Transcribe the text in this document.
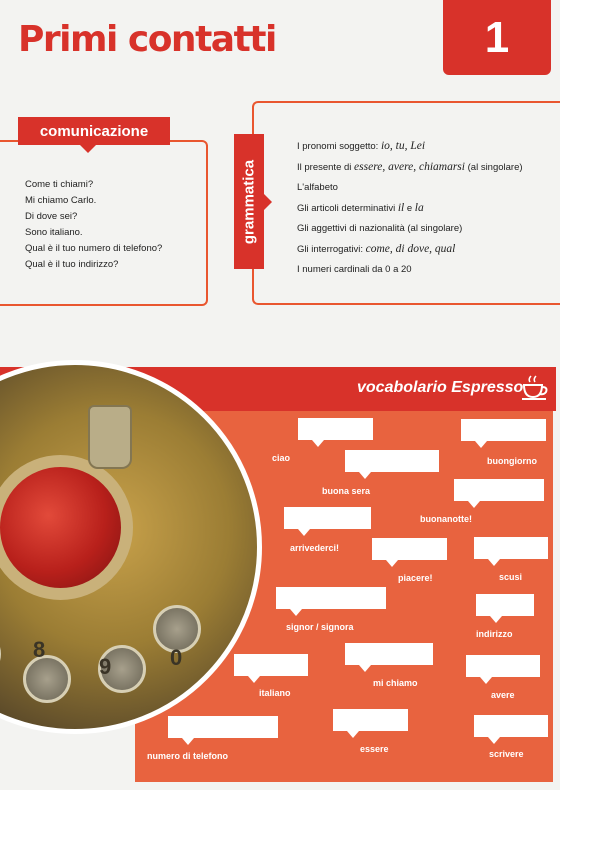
Primi contatti	1
comunicazione
Come ti chiami?
Mi chiamo Carlo.
Di dove sei?
Sono italiano.
Qual è il tuo numero di telefono?
Qual è il tuo indirizzo?
grammatica
I pronomi soggetto: io, tu, Lei
Il presente di essere, avere, chiamarsi (al singolare)
L'alfabeto
Gli articoli determinativi il e la
Gli aggettivi di nazionalità (al singolare)
Gli interrogativi: come, di dove, qual
I numeri cardinali da 0 a 20
8
9	0
vocabolario Espresso
ciao	buongiorno
buona sera
buonanotte!
arrivederci!
piacere!	scusi
signor / signora
indirizzo
mi chiamo
italiano	avere
numero di telefono
essere	scrivere
